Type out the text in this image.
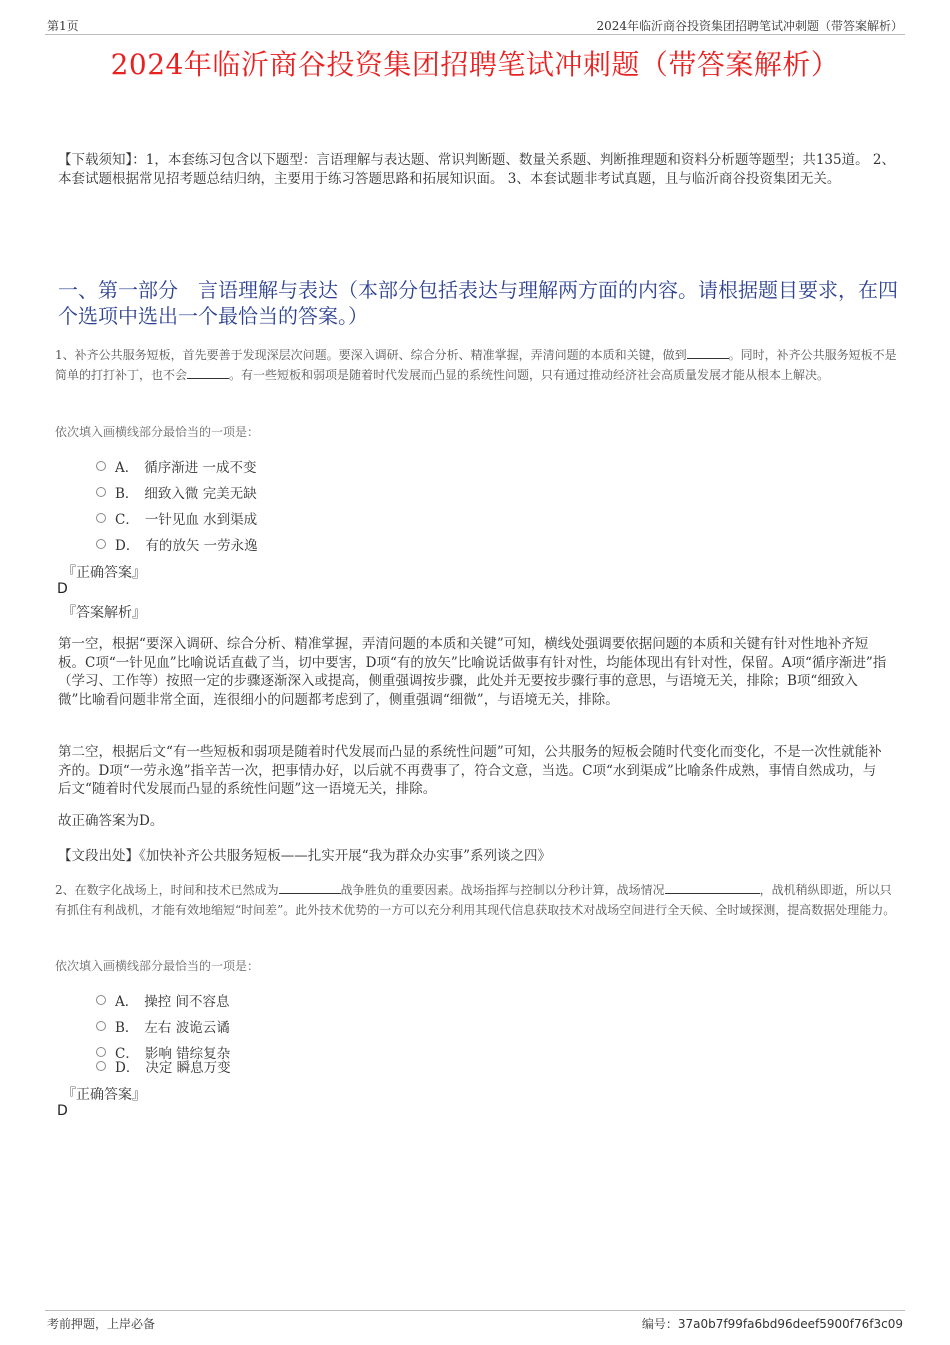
第1页	2024年临沂商谷投资集团招聘笔试冲刺题（带答案解析）
2024年临沂商谷投资集团招聘笔试冲刺题（带答案解析）
【下载须知】：1，本套练习包含以下题型：言语理解与表达题、常识判断题、数量关系题、判断推理题和资料分析题等题型；共135道。 2、本套试题根据常见招考题总结归纳，主要用于练习答题思路和拓展知识面。 3、本套试题非考试真题，且与临沂商谷投资集团无关。
一、第一部分　言语理解与表达（本部分包括表达与理解两方面的内容。请根据题目要求，在四个选项中选出一个最恰当的答案。）
1、补齐公共服务短板，首先要善于发现深层次问题。要深入调研、综合分析、精准掌握，弄清问题的本质和关键，做到	。同时，补齐公共服务短板不是简单的打打补丁，也不会	。有一些短板和弱项是随着时代发展而凸显的系统性问题，只有通过推动经济社会高质量发展才能从根本上解决。
依次填入画横线部分最恰当的一项是：
A． 循序渐进 一成不变
B． 细致入微 完美无缺
C． 一针见血 水到渠成
D． 有的放矢 一劳永逸
『正确答案』
D
『答案解析』
第一空，根据“要深入调研、综合分析、精准掌握，弄清问题的本质和关键”可知，横线处强调要依据问题的本质和关键有针对性地补齐短板。C项“一针见血”比喻说话直截了当，切中要害，D项“有的放矢”比喻说话做事有针对性，均能体现出有针对性，保留。A项“循序渐进”指（学习、工作等）按照一定的步骤逐渐深入或提高，侧重强调按步骤，此处并无要按步骤行事的意思，与语境无关，排除；B项“细致入微”比喻看问题非常全面，连很细小的问题都考虑到了，侧重强调“细微”，与语境无关，排除。
第二空，根据后文“有一些短板和弱项是随着时代发展而凸显的系统性问题”可知，公共服务的短板会随时代变化而变化，不是一次性就能补齐的。D项“一劳永逸”指辛苦一次，把事情办好，以后就不再费事了，符合文意，当选。C项“水到渠成”比喻条件成熟，事情自然成功，与后文“随着时代发展而凸显的系统性问题”这一语境无关，排除。
故正确答案为D。
【文段出处】《加快补齐公共服务短板——扎实开展“我为群众办实事”系列谈之四》
2、在数字化战场上，时间和技术已然成为	战争胜负的重要因素。战场指挥与控制以分秒计算，战场情况	，战机稍纵即逝，所以只有抓住有利战机，才能有效地缩短“时间差”。此外技术优势的一方可以充分利用其现代信息获取技术对战场空间进行全天候、全时域探测，提高数据处理能力。
依次填入画横线部分最恰当的一项是：
A． 操控 间不容息
B． 左右 波诡云谲
C． 影响 错综复杂
D． 决定 瞬息万变
『正确答案』
D
考前押题，上岸必备	编号：37a0b7f99fa6bd96deef5900f76f3c09
